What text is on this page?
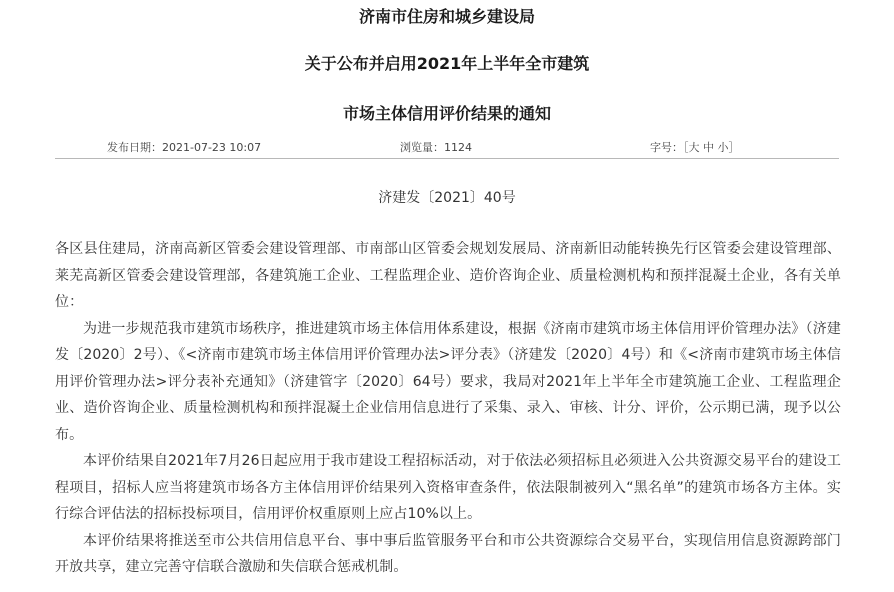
济南市住房和城乡建设局
关于公布并启用2021年上半年全市建筑
市场主体信用评价结果的通知
发布日期：2021-07-23 10:07	浏览量：1124	字号：［大 中 小］
济建发〔2021〕40号

各区县住建局，济南高新区管委会建设管理部、市南部山区管委会规划发展局、济南新旧动能转换先行区管委会建设管理部、莱芜高新区管委会建设管理部，各建筑施工企业、工程监理企业、造价咨询企业、质量检测机构和预拌混凝土企业，各有关单位：

为进一步规范我市建筑市场秩序，推进建筑市场主体信用体系建设，根据《济南市建筑市场主体信用评价管理办法》（济建发〔2020〕2号）、《<济南市建筑市场主体信用评价管理办法>评分表》（济建发〔2020〕4号）和《<济南市建筑市场主体信用评价管理办法>评分表补充通知》（济建管字〔2020〕64号）要求，我局对2021年上半年全市建筑施工企业、工程监理企业、造价咨询企业、质量检测机构和预拌混凝土企业信用信息进行了采集、录入、审核、计分、评价，公示期已满，现予以公布。

本评价结果自2021年7月26日起应用于我市建设工程招标活动，对于依法必须招标且必须进入公共资源交易平台的建设工程项目，招标人应当将建筑市场各方主体信用评价结果列入资格审查条件，依法限制被列入“黑名单”的建筑市场各方主体。实行综合评估法的招标投标项目，信用评价权重原则上应占10%以上。

本评价结果将推送至市公共信用信息平台、事中事后监管服务平台和市公共资源综合交易平台，实现信用信息资源跨部门开放共享，建立完善守信联合激励和失信联合惩戒机制。
